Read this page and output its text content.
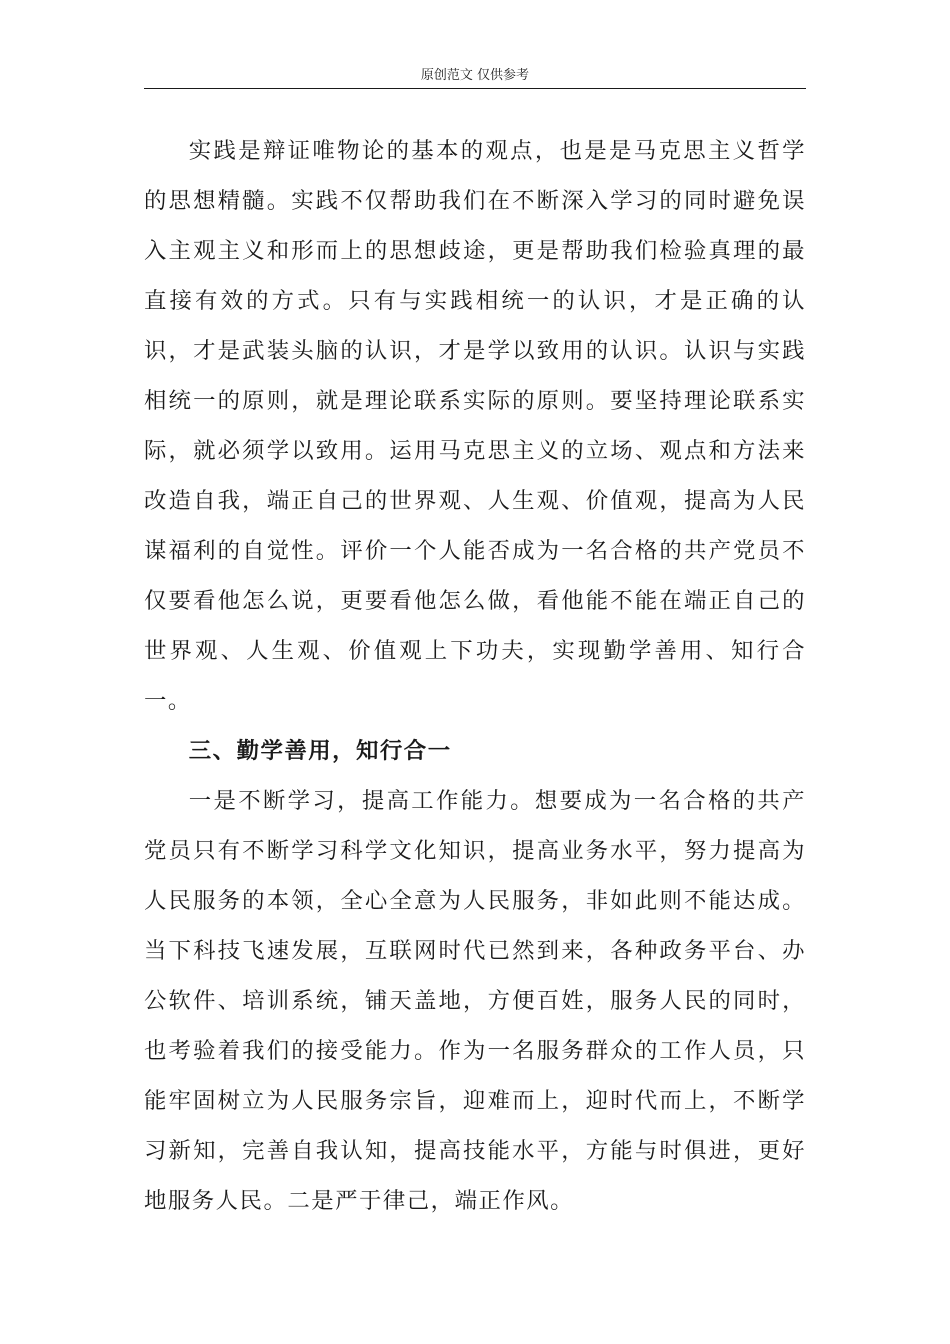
原创范文 仅供参考

实践是辩证唯物论的基本的观点，也是是马克思主义哲学的思想精髓。实践不仅帮助我们在不断深入学习的同时避免误入主观主义和形而上的思想歧途，更是帮助我们检验真理的最直接有效的方式。只有与实践相统一的认识，才是正确的认识，才是武装头脑的认识，才是学以致用的认识。认识与实践相统一的原则，就是理论联系实际的原则。要坚持理论联系实际，就必须学以致用。运用马克思主义的立场、观点和方法来改造自我，端正自己的世界观、人生观、价值观，提高为人民谋福利的自觉性。评价一个人能否成为一名合格的共产党员不仅要看他怎么说，更要看他怎么做，看他能不能在端正自己的世界观、人生观、价值观上下功夫，实现勤学善用、知行合一。

三、勤学善用，知行合一

一是不断学习，提高工作能力。想要成为一名合格的共产党员只有不断学习科学文化知识，提高业务水平，努力提高为人民服务的本领，全心全意为人民服务，非如此则不能达成。当下科技飞速发展，互联网时代已然到来，各种政务平台、办公软件、培训系统，铺天盖地，方便百姓，服务人民的同时，也考验着我们的接受能力。作为一名服务群众的工作人员，只能牢固树立为人民服务宗旨，迎难而上，迎时代而上，不断学习新知，完善自我认知，提高技能水平，方能与时俱进，更好地服务人民。二是严于律己，端正作风。
